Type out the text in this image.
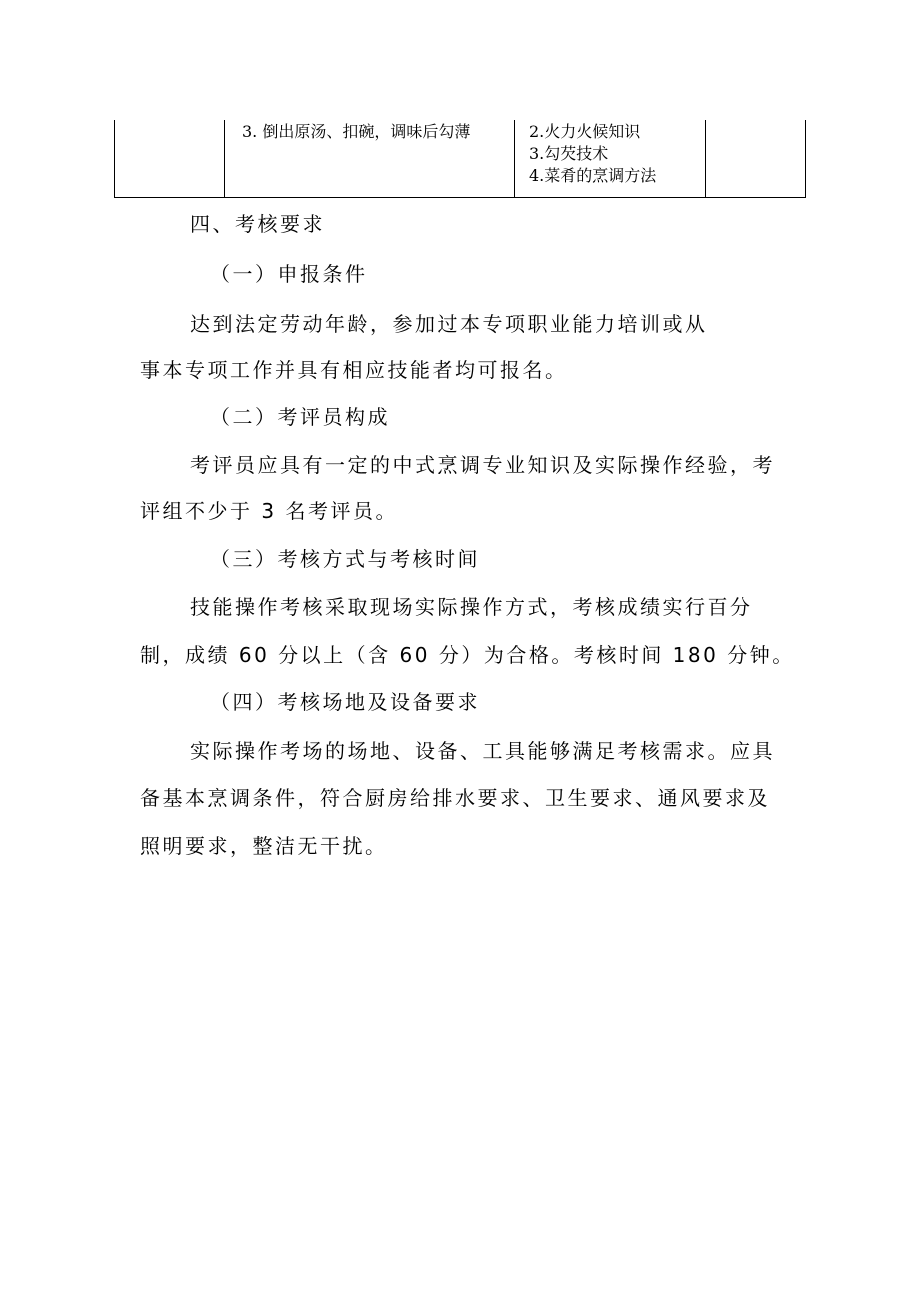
3. 倒出原汤、扣碗，调味后勾薄	2.火力火候知识
3.勾芡技术
4.菜肴的烹调方法
四、考核要求
（一）申报条件
达到法定劳动年龄，参加过本专项职业能力培训或从
事本专项工作并具有相应技能者均可报名。
（二）考评员构成
考评员应具有一定的中式烹调专业知识及实际操作经验，考
评组不少于 3 名考评员。
（三）考核方式与考核时间
技能操作考核采取现场实际操作方式，考核成绩实行百分
制，成绩 60 分以上（含 60 分）为合格。考核时间 180 分钟。
（四）考核场地及设备要求
实际操作考场的场地、设备、工具能够满足考核需求。应具
备基本烹调条件，符合厨房给排水要求、卫生要求、通风要求及
照明要求，整洁无干扰。
